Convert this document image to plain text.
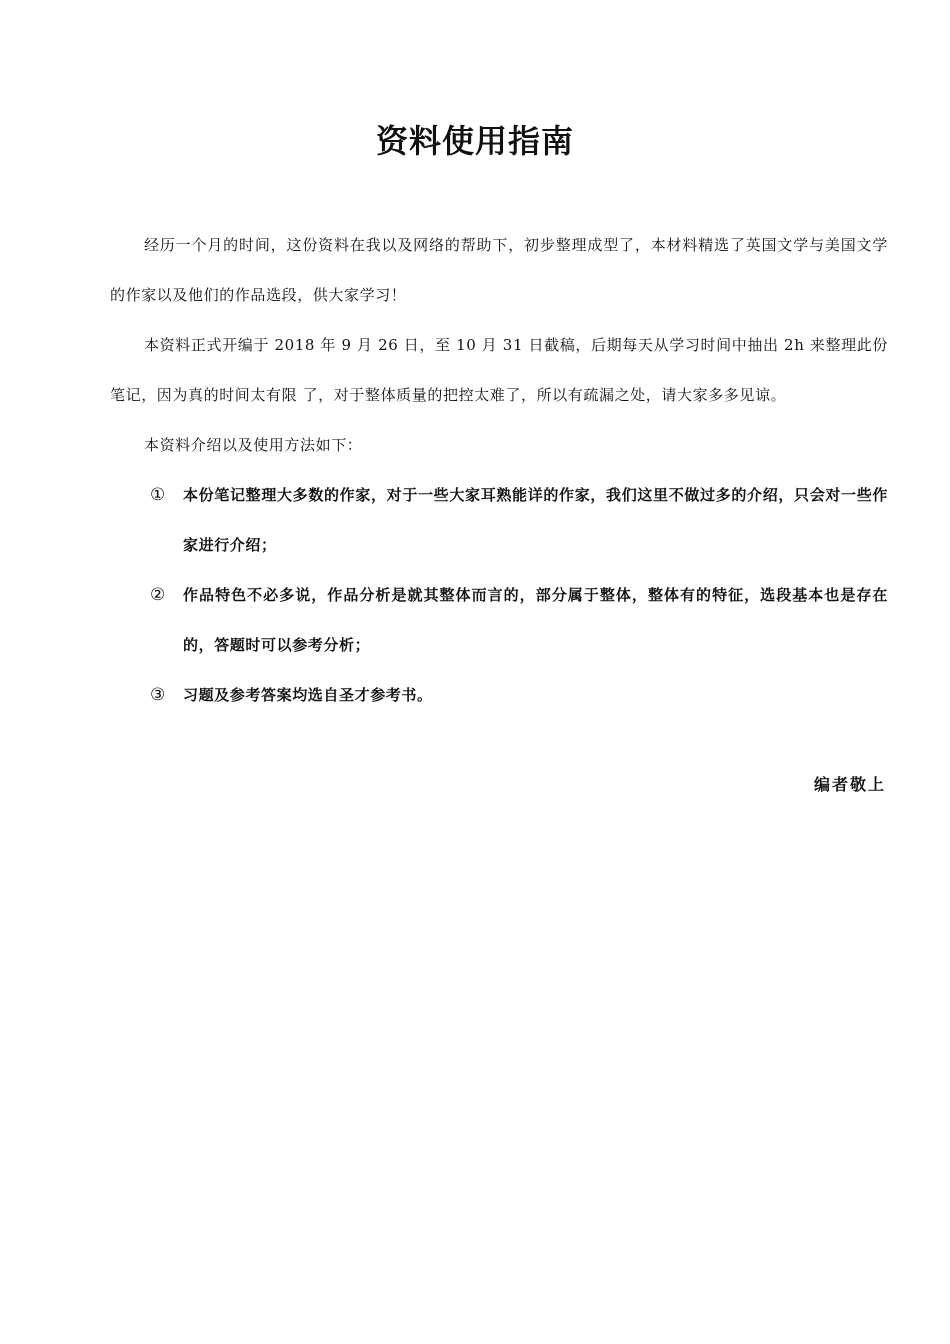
资料使用指南

经历一个月的时间，这份资料在我以及网络的帮助下，初步整理成型了，本材料精选了英国文学与美国文学的作家以及他们的作品选段，供大家学习！

本资料正式开编于 2018 年 9 月 26 日，至 10 月 31 日截稿，后期每天从学习时间中抽出 2h 来整理此份笔记，因为真的时间太有限 了，对于整体质量的把控太难了，所以有疏漏之处，请大家多多见谅。

本资料介绍以及使用方法如下：

① 本份笔记整理大多数的作家，对于一些大家耳熟能详的作家，我们这里不做过多的介绍，只会对一些作家进行介绍；
② 作品特色不必多说，作品分析是就其整体而言的，部分属于整体，整体有的特征，选段基本也是存在的，答题时可以参考分析；
③ 习题及参考答案均选自圣才参考书。

编者敬上
